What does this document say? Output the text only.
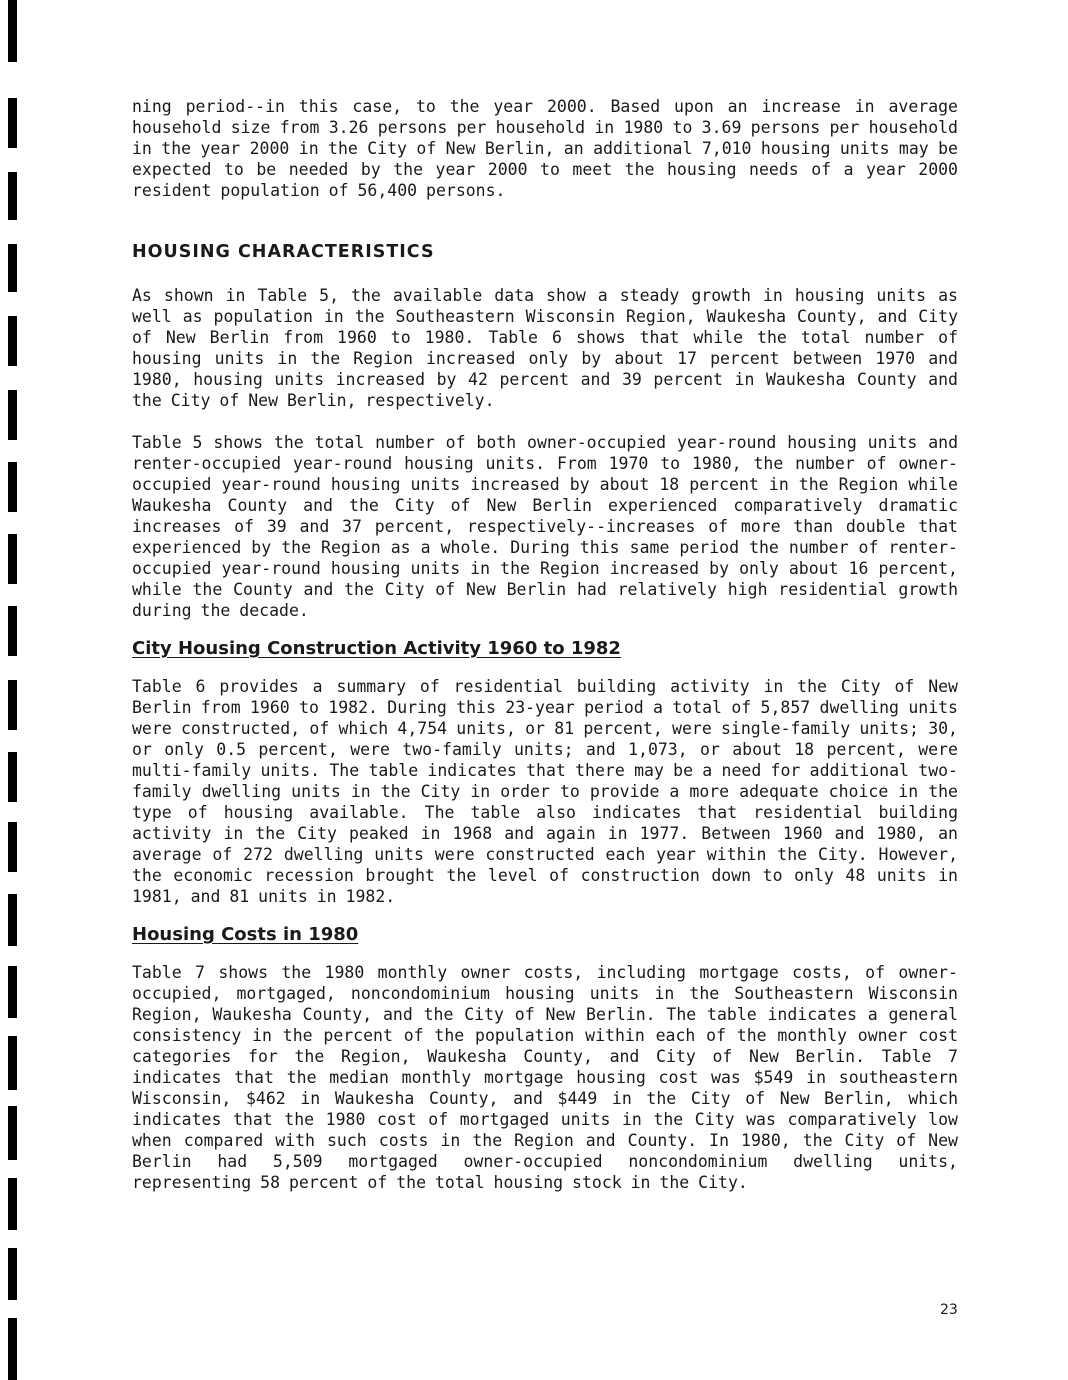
ning period--in this case, to the year 2000. Based upon an increase in average household size from 3.26 persons per household in 1980 to 3.69 persons per household in the year 2000 in the City of New Berlin, an additional 7,010 housing units may be expected to be needed by the year 2000 to meet the housing needs of a year 2000 resident population of 56,400 persons.

HOUSING CHARACTERISTICS

As shown in Table 5, the available data show a steady growth in housing units as well as population in the Southeastern Wisconsin Region, Waukesha County, and City of New Berlin from 1960 to 1980. Table 6 shows that while the total number of housing units in the Region increased only by about 17 percent between 1970 and 1980, housing units increased by 42 percent and 39 percent in Waukesha County and the City of New Berlin, respectively.

Table 5 shows the total number of both owner-occupied year-round housing units and renter-occupied year-round housing units. From 1970 to 1980, the number of owner-occupied year-round housing units increased by about 18 percent in the Region while Waukesha County and the City of New Berlin experienced comparatively dramatic increases of 39 and 37 percent, respectively--increases of more than double that experienced by the Region as a whole. During this same period the number of renter-occupied year-round housing units in the Region increased by only about 16 percent, while the County and the City of New Berlin had relatively high residential growth during the decade.

City Housing Construction Activity 1960 to 1982

Table 6 provides a summary of residential building activity in the City of New Berlin from 1960 to 1982. During this 23-year period a total of 5,857 dwelling units were constructed, of which 4,754 units, or 81 percent, were single-family units; 30, or only 0.5 percent, were two-family units; and 1,073, or about 18 percent, were multi-family units. The table indicates that there may be a need for additional two-family dwelling units in the City in order to provide a more adequate choice in the type of housing available. The table also indicates that residential building activity in the City peaked in 1968 and again in 1977. Between 1960 and 1980, an average of 272 dwelling units were constructed each year within the City. However, the economic recession brought the level of construction down to only 48 units in 1981, and 81 units in 1982.

Housing Costs in 1980

Table 7 shows the 1980 monthly owner costs, including mortgage costs, of owner-occupied, mortgaged, noncondominium housing units in the Southeastern Wisconsin Region, Waukesha County, and the City of New Berlin. The table indicates a general consistency in the percent of the population within each of the monthly owner cost categories for the Region, Waukesha County, and City of New Berlin. Table 7 indicates that the median monthly mortgage housing cost was $549 in southeastern Wisconsin, $462 in Waukesha County, and $449 in the City of New Berlin, which indicates that the 1980 cost of mortgaged units in the City was comparatively low when compared with such costs in the Region and County. In 1980, the City of New Berlin had 5,509 mortgaged owner-occupied noncondominium dwelling units, representing 58 percent of the total housing stock in the City.

23
